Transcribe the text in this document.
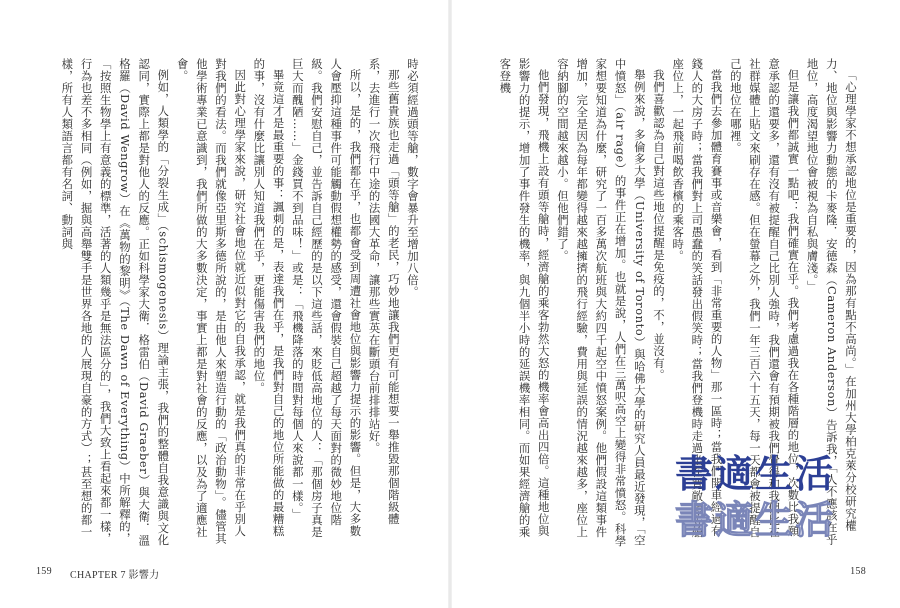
時必須經過頭等艙，數字會暴升至增加八倍。

那些舊貴族也走過「頭等艙」的老民，巧妙地讓我們更有可能想要一舉推毀那個階級體系，去進行一次飛行中途的法國大革命，讓那些實英在斷頭台前排排站好。

所以，是的，我們都在乎，也都會受到周遭社會地位與影響力提示的影響。但是，大多數人會壓抑這種事件可能觸動假想權勢的感受，還會假裝自己超越了每天面對的微妙地位階級。我們安慰自己，並告訴自己經歷的是以下這些話，來貶低高地位的人：「那個房子真是巨大而醜陋……」金錢買不到品味！」或是：「飛機降落的時間對每個人來說都一樣。」

畢竟這才是最重要的事：諷刺的是，表達我們在乎，是我們對自己的地位所能做的最糟糕的事，沒有什麼比讓別人知道我們在乎，更能傷害我們的地位。

因此對心理學家來說，研究社會地位就近似對它的自我承認，就是我們真的非常在乎別人對我們的看法。而我們就像亞里斯多德所說的，是由他人來塑造行動的「政治動物」。儘管其他學術專業已意識到，我們所做的大多數決定，事實上都是對社會的反應，以及為了適應社會。

例如，人類學的「分裂生成」（schismogenesis）理論主張，我們的整體自我意識與文化認同，實際上都是對他人的反應。正如科學家大衛．格雷伯（David Graeber）與大衛．溫格羅（David Wengrow）在《萬物的黎明》（The Dawn of Everything）中所解釋的，「按照生物學上有意義的標準，活著的人類幾乎是無法區分的」，我們大致上看起來都一樣，行為也差不多相同（例如，掘與高舉雙手是世界各地的人展現自豪的方式）；甚至想的都一樣，所有人類語言都有名詞、動詞與

159 CHAPTER 7 影響力

「心理學家不想承認地位是重要的，因為那有點不高尚。」在加州大學柏克萊分校研究權力、地位與影響力動態的卡麥隆．安德森（Cameron Anderson）告訴我，「人不應該在乎地位，高度渴望地位會被視為自私與膚淺。」

但是讓我們都誠實一點吧：我們確實在乎。我們考慮過我在各種階層的地位，次數比我願意承認的還要多，還有沒有被提醒自己比別人強時，我們還會有預期被我們覺得和我們比在社群媒體上貼文來刷存在感。但在螢幕之外，我們一年三百六十五天，每一天都會被提醒自己的地位在哪裡。

當我們去參加體育賽事或音樂會，看到「非常重要的人物」那一區時；當我們開車經過有錢人的大房子時；當我們對上司愚蠢的笑話發出假笑時；當我們登機時走過坐在寬敞頭等艙座位上，一起飛前喝飲香檳的乘客時。

我們喜歡認為自己對這些地位提醒是免疫的，不，並沒有。

舉例來說，多倫多大學（University of Toronto）與哈佛大學的研究人員最近發現，「空中憤怒」（air rage）的事件正在增加。也就是說，人們在三萬呎高空上變得非常憤怒。科學家想要知道為什麼，研究了一百多萬次航班與大約四千起空中憤怒案例。他們假設這類事件增加，完全是因為每年都變得越來越擁擠的飛行經驗，費用與延誤的情況越來越多，座位上容納腳的空間越來越小。但他們錯了。

他們發現，飛機上設有頭等艙時，經濟艙的乘客勃然大怒的機率會高出四倍。這種地位與影響力的提示，增加了事件發生的機率，與九個半小時的延誤機率相同。而如果經濟艙的乘客登機

158
書適生活
書適生活
